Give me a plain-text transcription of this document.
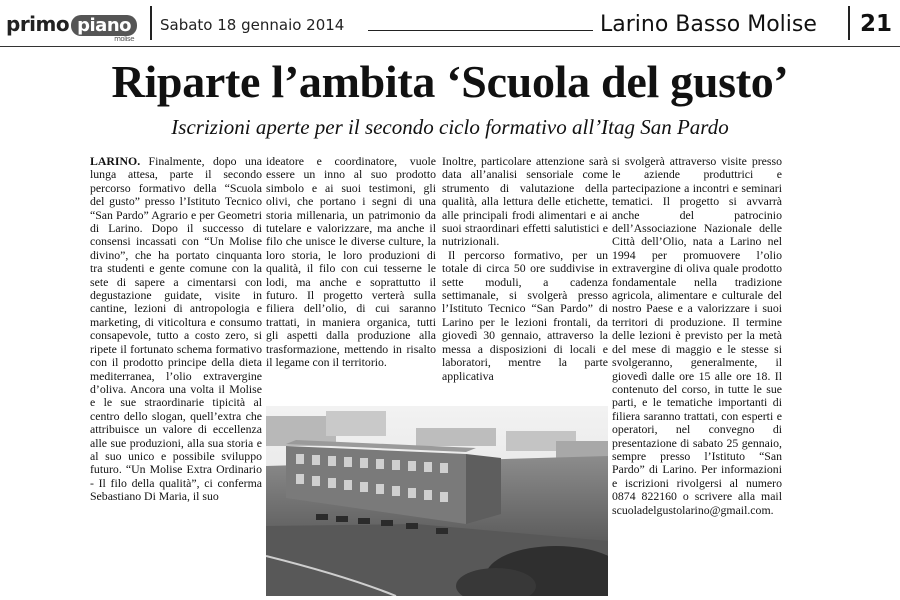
primo piano
molise
Sabato 18 gennaio 2014	Larino Basso Molise 21
Riparte l’ambita ‘Scuola del gusto’
Iscrizioni aperte per il secondo ciclo formativo all’Itag San Pardo

LARINO. Finalmente, dopo una lunga attesa, parte il secondo percorso formativo della “Scuola del gusto” presso l’Istituto Tecnico “San Pardo” Agrario e per Geometri di Larino. Dopo il successo di consensi incassati con “Un Molise divino”, che ha portato cinquanta tra studenti e gente comune con la sete di sapere a cimentarsi con degustazione guidate, visite in cantine, lezioni di antropologia e marketing, di viticoltura e consumo consapevole, tutto a costo zero, si ripete il fortunato schema formativo con il prodotto principe della dieta mediterranea, l’olio extravergine d’oliva. Ancora una volta il Molise e le sue straordinarie tipicità al centro dello slogan, quell’extra che attribuisce un valore di eccellenza alle sue produzioni, alla sua storia e al suo unico e possibile sviluppo futuro. “Un Molise Extra Ordinario - Il filo della qualità”, ci conferma Sebastiano Di Maria, il suo

ideatore e coordinatore, vuole essere un inno al suo prodotto simbolo e ai suoi testimoni, gli olivi, che portano i segni di una storia millenaria, un patrimonio da tutelare e valorizzare, ma anche il filo che unisce le diverse culture, la loro storia, le loro produzioni di qualità, il filo con cui tesserne le lodi, ma anche e soprattutto il futuro. Il progetto verterà sulla filiera dell’olio, di cui saranno trattati, in maniera organica, tutti gli aspetti dalla produzione alla trasformazione, mettendo in risalto il legame con il territorio.

Inoltre, particolare attenzione sarà data all’analisi sensoriale come strumento di valutazione della qualità, alla lettura delle etichette, alle principali frodi alimentari e ai suoi straordinari effetti salutistici e nutrizionali.

Il percorso formativo, per un totale di circa 50 ore suddivise in sette moduli, a cadenza settimanale, si svolgerà presso l’Istituto Tecnico “San Pardo” di Larino per le lezioni frontali, da giovedì 30 gennaio, attraverso la messa a disposizioni di locali e laboratori, mentre la parte applicativa

si svolgerà attraverso visite presso le aziende produttrici e partecipazione a incontri e seminari tematici. Il progetto si avvarrà anche del patrocinio dell’Associazione Nazionale delle Città dell’Olio, nata a Larino nel 1994 per promuovere l’olio extravergine di oliva quale prodotto fondamentale nella tradizione agricola, alimentare e culturale del nostro Paese e a valorizzare i suoi territori di produzione. Il termine delle lezioni è previsto per la metà del mese di maggio e le stesse si svolgeranno, generalmente, il giovedì dalle ore 15 alle ore 18. Il contenuto del corso, in tutte le sue parti, e le tematiche importanti di filiera saranno trattati, con esperti e operatori, nel convegno di presentazione di sabato 25 gennaio, sempre presso l’Istituto “San Pardo” di Larino. Per informazioni e iscrizioni rivolgersi al numero 0874 822160 o scrivere alla mail scuoladelgustolarino@gmail.com.
